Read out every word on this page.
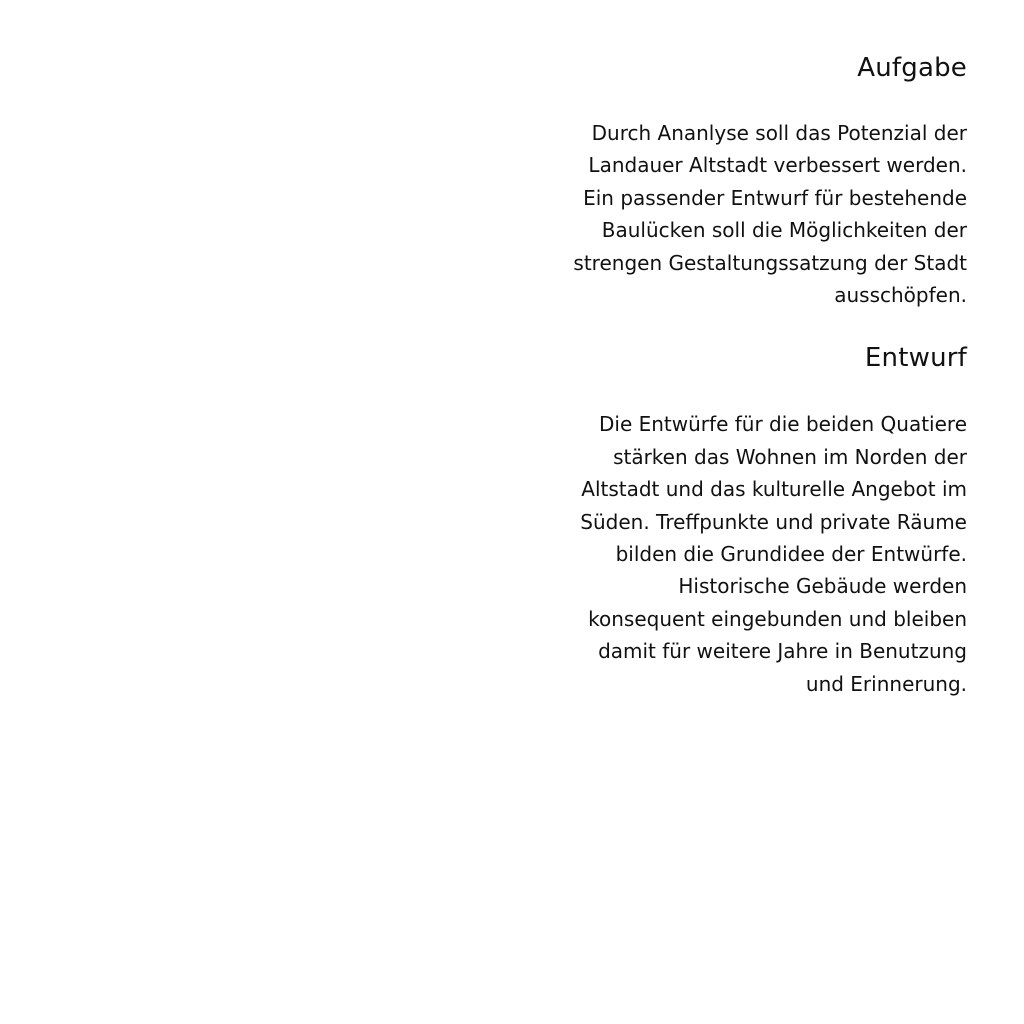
Aufgabe

Durch Ananlyse soll das Potenzial der
Landauer Altstadt verbessert werden.
Ein passender Entwurf für bestehende
Baulücken soll die Möglichkeiten der
strengen Gestaltungssatzung der Stadt
ausschöpfen.

Entwurf

Die Entwürfe für die beiden Quatiere
stärken das Wohnen im Norden der
Altstadt und das kulturelle Angebot im
Süden. Treffpunkte und private Räume
bilden die Grundidee der Entwürfe.
Historische Gebäude werden
konsequent eingebunden und bleiben
damit für weitere Jahre in Benutzung
und Erinnerung.
